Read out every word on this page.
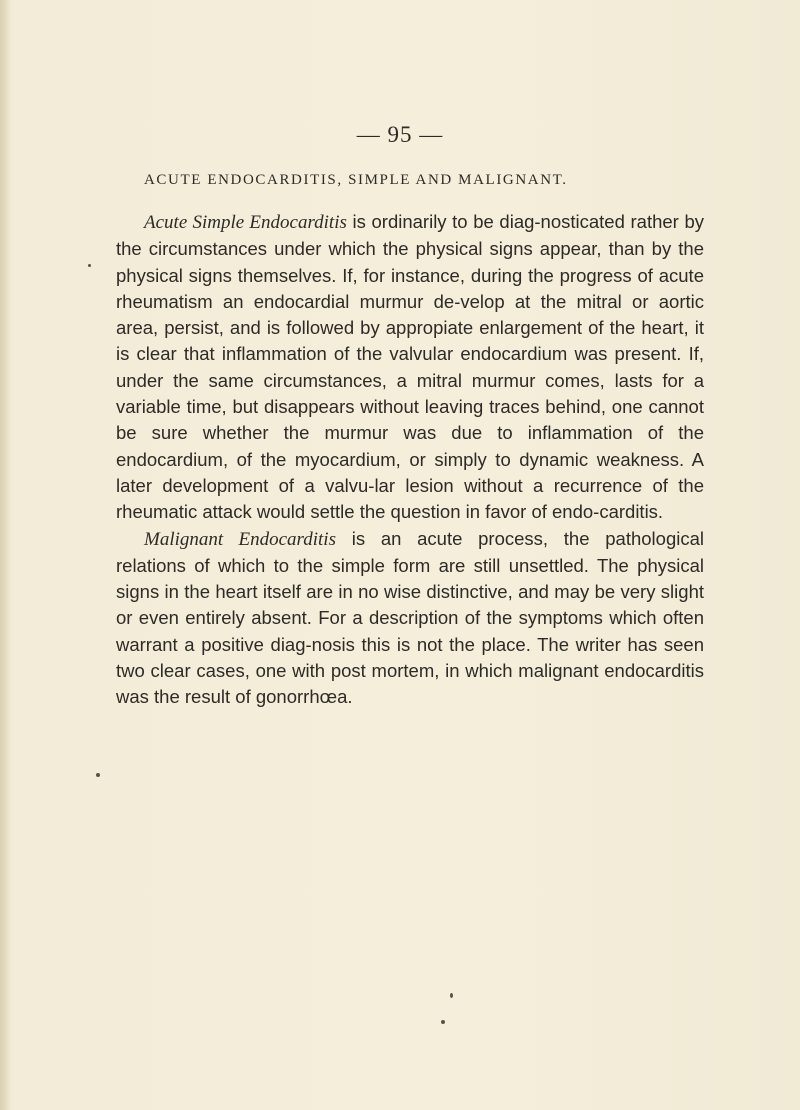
— 95 —
ACUTE ENDOCARDITIS, SIMPLE AND MALIGNANT.

Acute Simple Endocarditis is ordinarily to be diag-nosticated rather by the circumstances under which the physical signs appear, than by the physical signs themselves. If, for instance, during the progress of acute rheumatism an endocardial murmur de-velop at the mitral or aortic area, persist, and is followed by appropiate enlargement of the heart, it is clear that inflammation of the valvular endocardium was present. If, under the same circumstances, a mitral murmur comes, lasts for a variable time, but disappears without leaving traces behind, one cannot be sure whether the murmur was due to inflammation of the endocardium, of the myocardium, or simply to dynamic weakness. A later development of a valvu-lar lesion without a recurrence of the rheumatic attack would settle the question in favor of endo-carditis.

Malignant Endocarditis is an acute process, the pathological relations of which to the simple form are still unsettled. The physical signs in the heart itself are in no wise distinctive, and may be very slight or even entirely absent. For a description of the symptoms which often warrant a positive diag-nosis this is not the place. The writer has seen two clear cases, one with post mortem, in which malignant endocarditis was the result of gonorrhœa.
